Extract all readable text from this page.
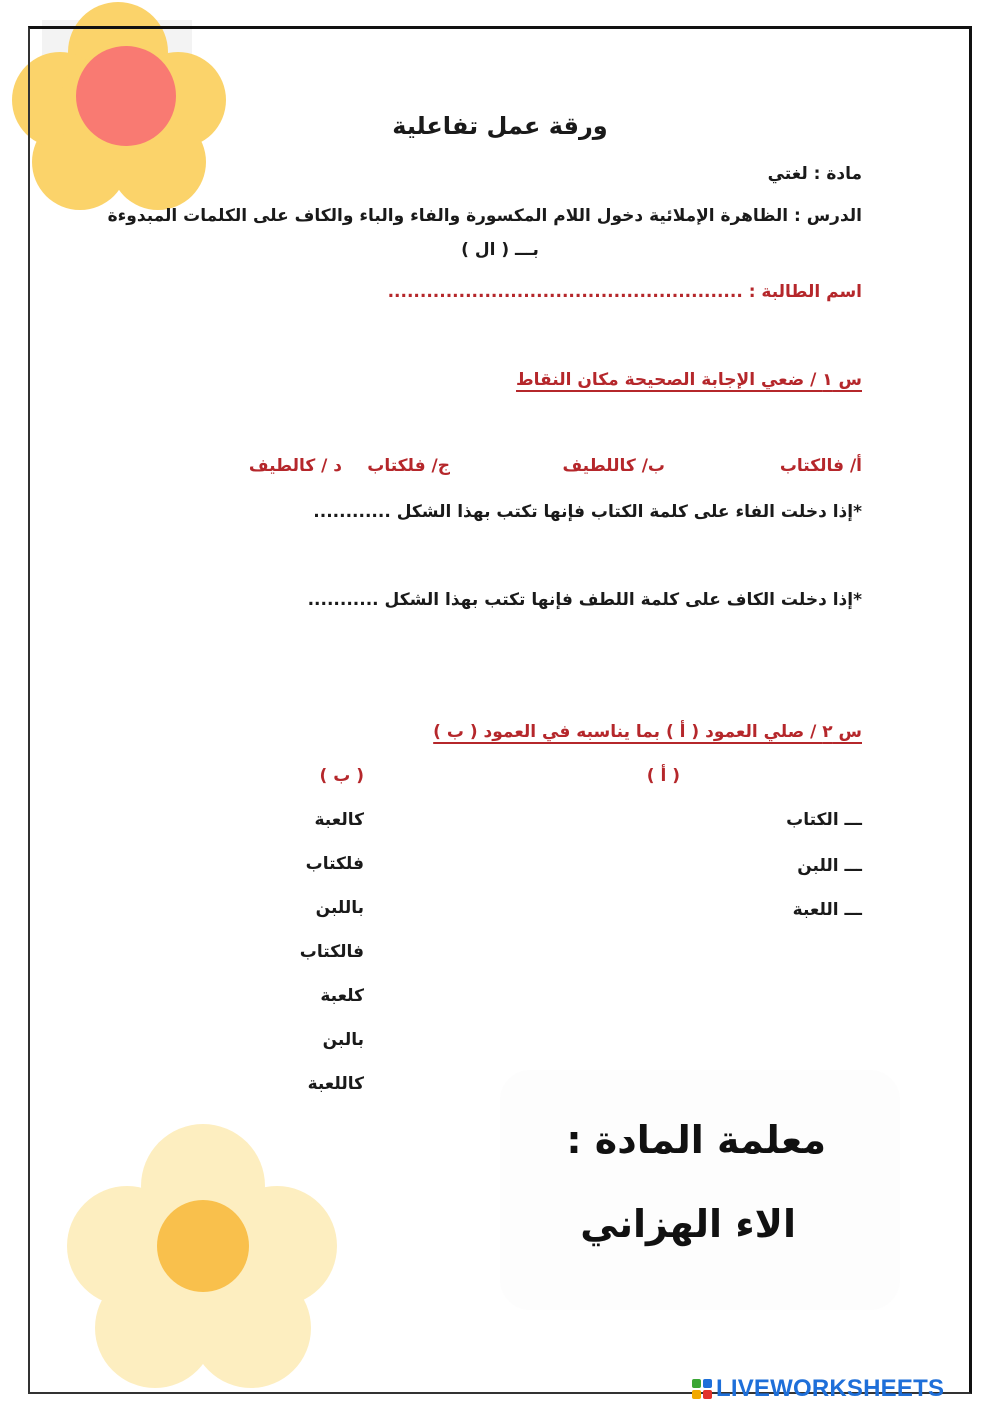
ورقة عمل تفاعلية
مادة : لغتي
الدرس : الظاهرة الإملائية دخول اللام المكسورة والفاء والباء والكاف على الكلمات المبدوءة
بـــ ( ال )
اسم الطالبة : .......................................................
س ١ / ضعي الإجابة الصحيحة مكان النقاط
أ/ فالكتاب
ب/ كاللطيف
ج/ فلكتاب
د / كالطيف
*إذا دخلت الفاء على كلمة الكتاب فإنها تكتب بهذا الشكل ............
*إذا دخلت الكاف على كلمة اللطف فإنها تكتب بهذا الشكل ...........
س ٢ / صلي العمود ( أ ) بما يناسبه في العمود ( ب )
( أ )
( ب )
ـــ الكتاب
ـــ اللبن
ـــ اللعبة
كالعبة
فلكتاب
باللبن
فالكتاب
كلعبة
بالبن
كاللعبة
معلمة المادة :
الاء الهزاني
LIVEWORKSHEETS
